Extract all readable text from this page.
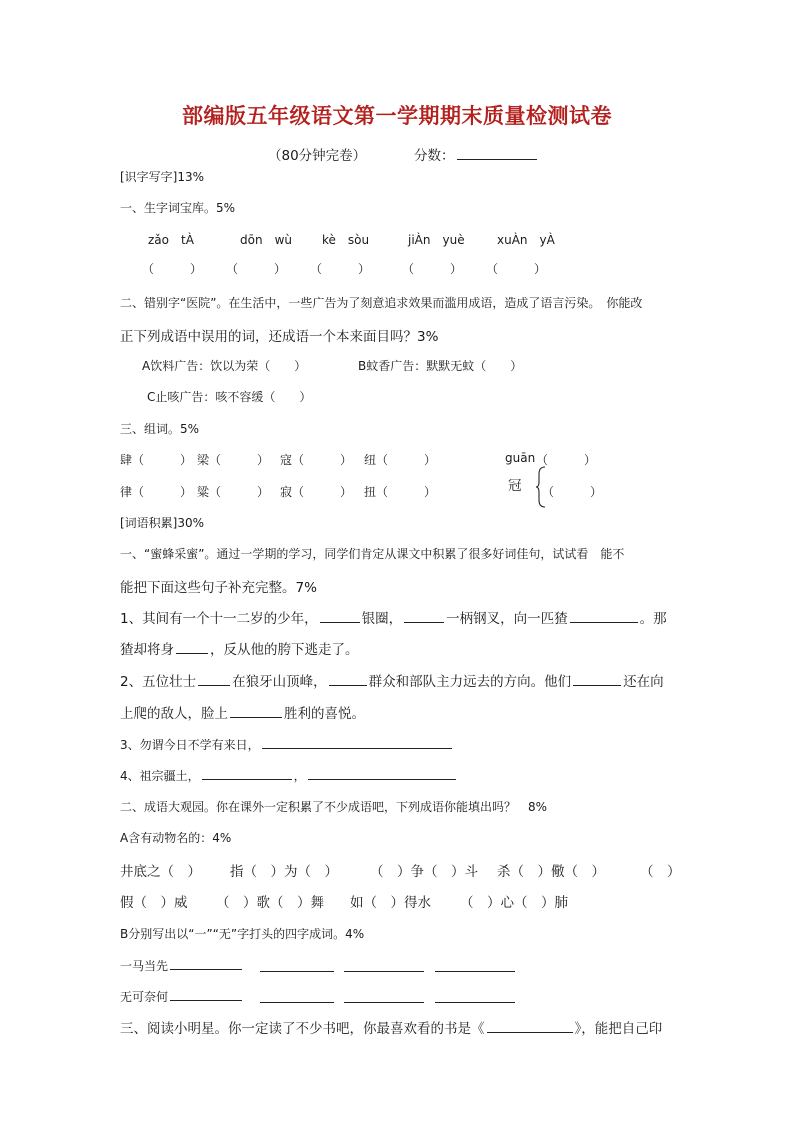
部编版五年级语文第一学期期末质量检测试卷
（80分钟完卷）	分数：
[识字写字]13%
一、生字词宝库。5%
zǎo　tÀ	dōn　wù	kè　sòu	jiÀn　yuè	xuÀn　yÀ
（　　　） （　　　） （　　　）	（　　　） （　　　）
二、错别字“医院”。在生活中，一些广告为了刻意追求效果而滥用成语，造成了语言污染。　你能改
正下列成语中误用的词，还成语一个本来面目吗？3%
A饮料广告：饮以为荣（　　）	B蚊香广告：默默无蚊（　　）
C止咳广告：咳不容缓（　　）
三、组词。5%
肆（　　　） 梁（　　　） 寇（　　　） 纽（　　　）	guān （　　　）
律（　　　） 粱（　　　） 寂（　　　） 扭（　　　）	冠 （　　　）
[词语积累]30%
一、“蜜蜂采蜜”。通过一学期的学习，同学们肯定从课文中积累了很多好词佳句，试试看　能不
能把下面这些句子补充完整。7%
1、其间有一个十一二岁的少年，	银圈，	一柄钢叉，向一匹猹	。那
猹却将身	，反从他的胯下逃走了。
2、五位壮士	在狼牙山顶峰，	群众和部队主力远去的方向。他们	还在向
上爬的敌人，脸上	胜利的喜悦。
3、勿谓今日不学有来日，
4、祖宗疆土，	，
二、成语大观园。你在课外一定积累了不少成语吧，下列成语你能填出吗？　8%
A含有动物名的：4%
井底之（　） 指（　）为（　） （　）争（　）斗 杀（　）儆（　）	（　）
假（　）威 （　）歌（　）舞 如（　）得水 （　）心（　）肺
B分别写出以“一”“无”字打头的四字成词。4%
一马当先
无可奈何
三、阅读小明星。你一定读了不少书吧，你最喜欢看的书是《	》，能把自己印
